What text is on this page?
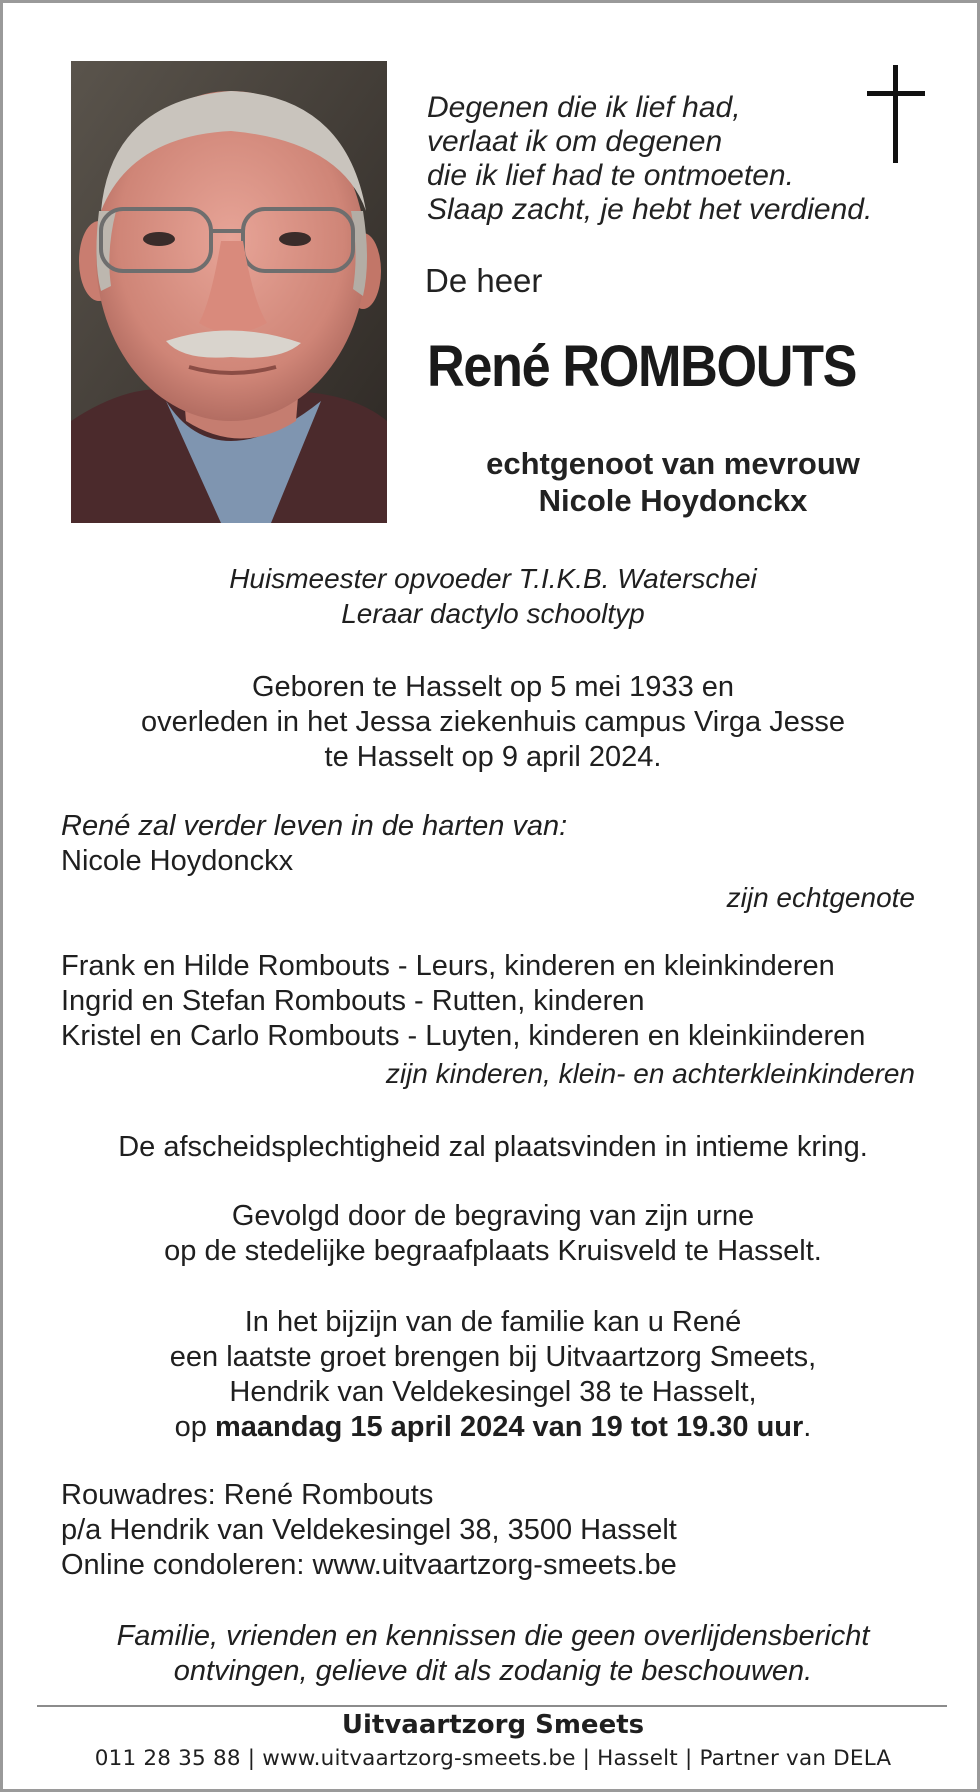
Degenen die ik lief had,
verlaat ik om degenen
die ik lief had te ontmoeten.
Slaap zacht, je hebt het verdiend.
De heer
René ROMBOUTS
echtgenoot van mevrouw
Nicole Hoydonckx
Huismeester opvoeder T.I.K.B. Waterschei
Leraar dactylo schooltyp
Geboren te Hasselt op 5 mei 1933 en
overleden in het Jessa ziekenhuis campus Virga Jesse
te Hasselt op 9 april 2024.
René zal verder leven in de harten van:
Nicole Hoydonckx
zijn echtgenote
Frank en Hilde Rombouts - Leurs, kinderen en kleinkinderen
Ingrid en Stefan Rombouts - Rutten, kinderen
Kristel en Carlo Rombouts - Luyten, kinderen en kleinkiinderen
zijn kinderen, klein- en achterkleinkinderen
De afscheidsplechtigheid zal plaatsvinden in intieme kring.
Gevolgd door de begraving van zijn urne
op de stedelijke begraafplaats Kruisveld te Hasselt.
In het bijzijn van de familie kan u René
een laatste groet brengen bij Uitvaartzorg Smeets,
Hendrik van Veldekesingel 38 te Hasselt,
op maandag 15 april 2024 van 19 tot 19.30 uur.
Rouwadres: René Rombouts
p/a Hendrik van Veldekesingel 38, 3500 Hasselt
Online condoleren: www.uitvaartzorg-smeets.be
Familie, vrienden en kennissen die geen overlijdensbericht
ontvingen, gelieve dit als zodanig te beschouwen.
Uitvaartzorg Smeets
011 28 35 88 | www.uitvaartzorg-smeets.be | Hasselt | Partner van DELA
